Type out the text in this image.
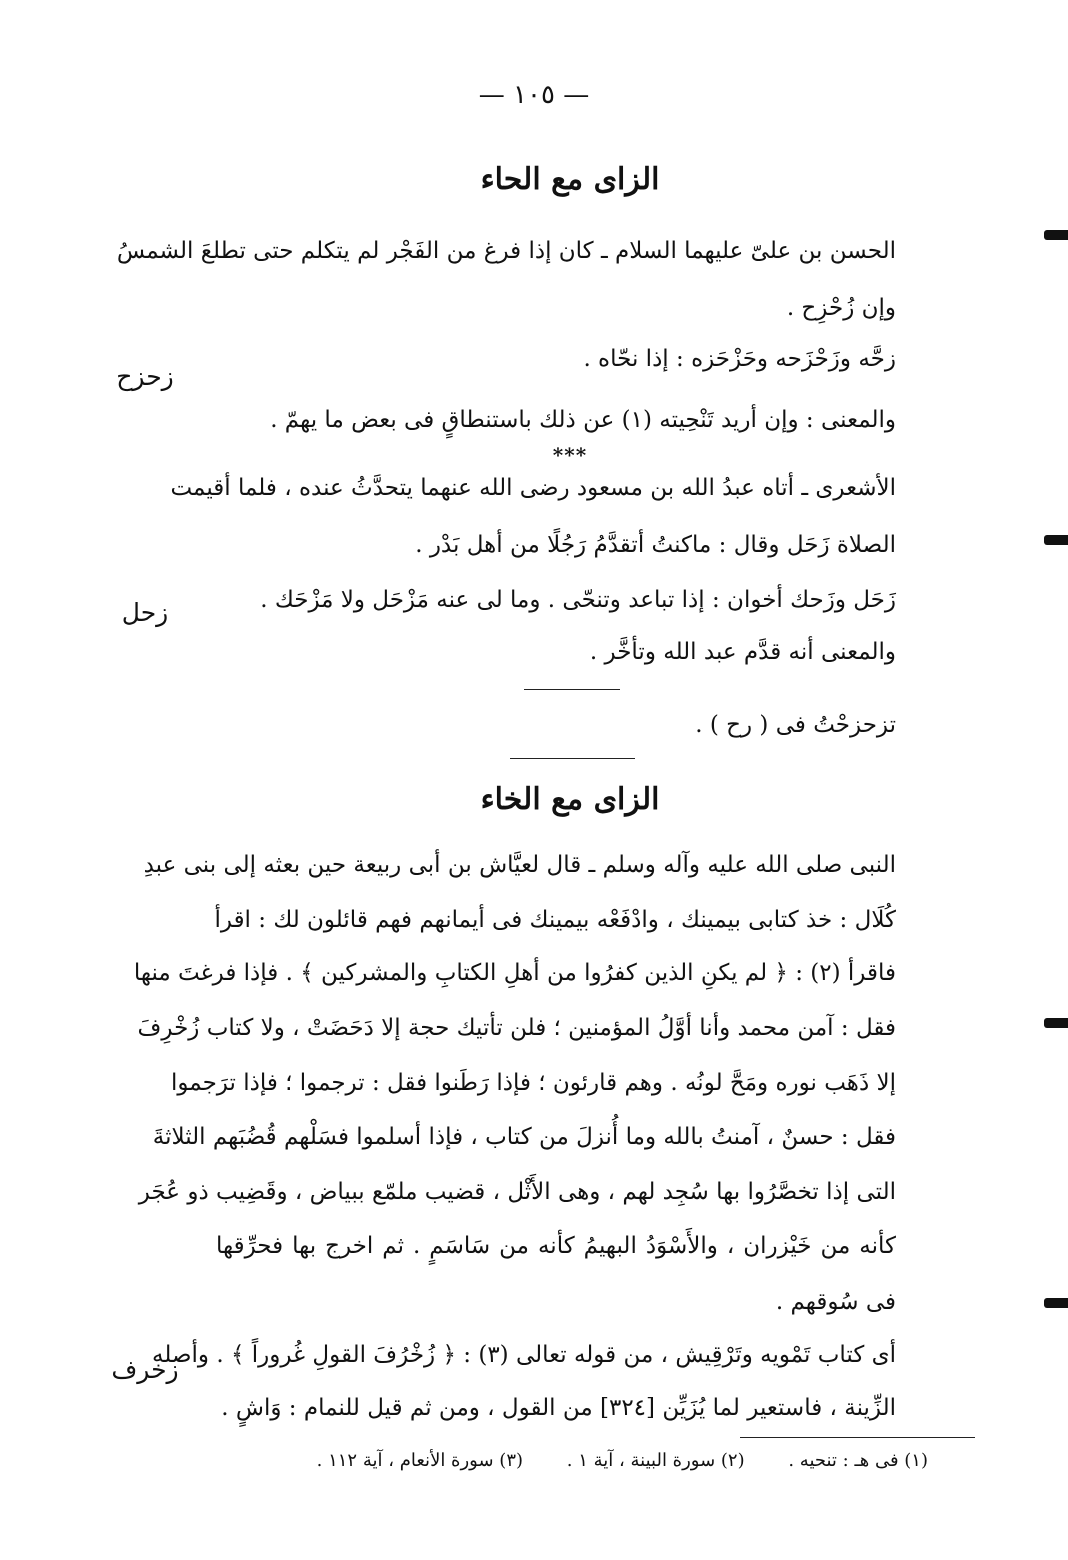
— ١٠٥ —
الزاى مع الحاء
الحسن بن علىّ عليهما السلام ـ كان إذا فرغ من الفَجْر لم يتكلم حتى تطلعَ الشمسُ
وإن زُحْزِح .
زحَّه وزَحْزَحه وحَزْحَزه : إذا نحّاه .
والمعنى : وإن أريد تَنْحِيته (١) عن ذلك باستنطاقٍ فى بعض ما يهمّ .
زحزح
***
الأشعرى ـ أتاه عبدُ الله بن مسعود رضى الله عنهما يتحدَّثُ عنده ، فلما أقيمت
الصلاة زَحَل وقال : ماكنتُ أتقدَّمُ رَجُلًا من أهل بَدْر .
زَحَل وزَحك أخوان : إذا تباعد وتنحّى . وما لى عنه مَزْحَل ولا مَزْحَك .
والمعنى أنه قدَّم عبد الله وتأخَّر .
زحل
تزحزحْتُ فى ( رح ) .
الزاى مع الخاء
النبى صلى الله عليه وآله وسلم ـ قال لعيَّاش بن أبى ربيعة حين بعثه إلى بنى عبدِ
كُلَال : خذ كتابى بيمينك ، وادْفَعْه بيمينك فى أيمانهم فهم قائلون لك : اقرأ
فاقرأ (٢) : ﴿ لم يكنِ الذين كفرُوا من أهلِ الكتابِ والمشركين ﴾ . فإذا فرغتَ منها
فقل : آمن محمد وأنا أوَّلُ المؤمنين ؛ فلن تأتيك حجة إلا دَحَضَتْ ، ولا كتاب زُخْرِفَ
إلا ذَهَب نوره ومَحَّ لونُه . وهم قارئون ؛ فإذا رَطَنوا فقل : ترجموا ؛ فإذا ترَجموا
فقل : حسنٌ ، آمنتُ بالله وما أُنزلَ من كتاب ، فإذا أسلموا فسَلْهم قُضُبَهم الثلاثةَ
التى إذا تخصَّرُوا بها سُجِد لهم ، وهى الأَثْل ، قضيب ملمّع ببياض ، وقَضِيب ذو عُجَر
كأنه من خَيْزران ، والأَسْوَدُ البهيمُ كأنه من سَاسَمٍ . ثم اخرج بها فحرِّقها
فى سُوقهم .
أى كتاب تَمْويه وتَرْقِيش ، من قوله تعالى (٣) : ﴿ زُخْرُفَ القولِ غُروراً ﴾ . وأصله
الزِّينة ، فاستعير لما يُزَيِّن [٣٢٤] من القول ، ومن ثم قيل للنمام : وَاشٍ .
زخرف
(١) فى هـ : تنحيه . (٢) سورة البينة ، آية ١ . (٣) سورة الأنعام ، آية ١١٢ .
